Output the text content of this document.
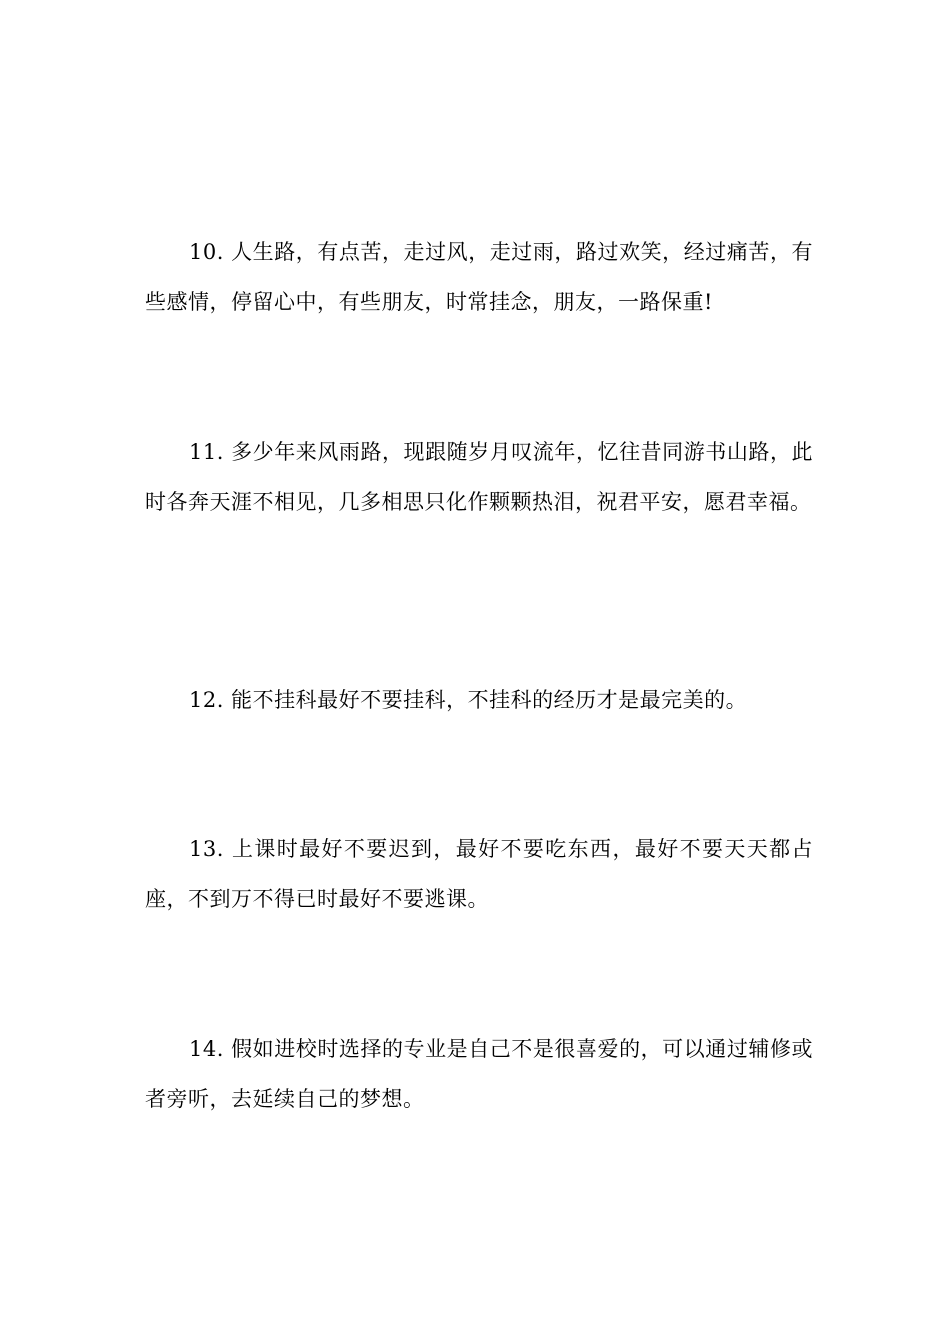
10. 人生路，有点苦，走过风，走过雨，路过欢笑，经过痛苦，有些感情，停留心中，有些朋友，时常挂念，朋友，一路保重!

11. 多少年来风雨路，现跟随岁月叹流年，忆往昔同游书山路，此时各奔天涯不相见，几多相思只化作颗颗热泪，祝君平安，愿君幸福。

12. 能不挂科最好不要挂科，不挂科的经历才是最完美的。

13. 上课时最好不要迟到，最好不要吃东西，最好不要天天都占座，不到万不得已时最好不要逃课。

14. 假如进校时选择的专业是自己不是很喜爱的，可以通过辅修或者旁听，去延续自己的梦想。
